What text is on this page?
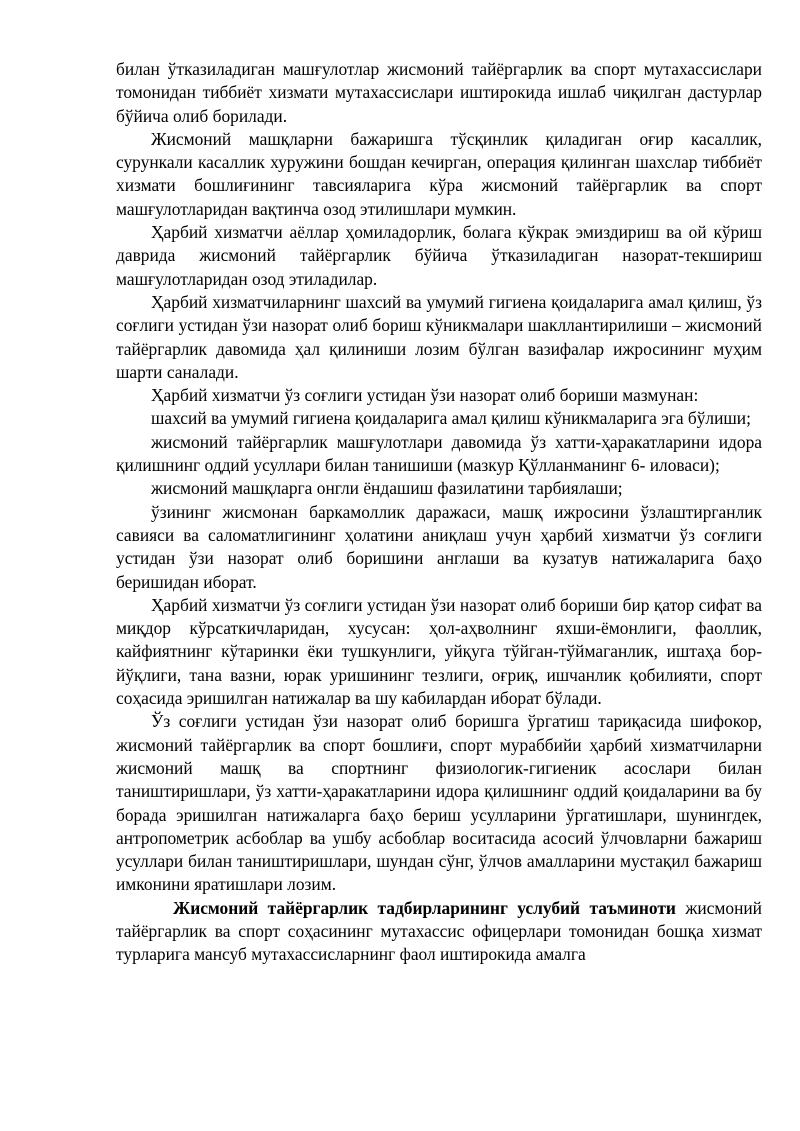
билан ўтказиладиган машғулотлар жисмоний тайёргарлик ва спорт мутахассислари томонидан тиббиёт хизмати мутахассислари иштирокида ишлаб чиқилган дастурлар бўйича олиб борилади.

Жисмоний машқларни бажаришга тўсқинлик қиладиган оғир касаллик, сурункали касаллик хуружини бошдан кечирган, операция қилинган шахслар тиббиёт хизмати бошлиғининг тавсияларига кўра жисмоний тайёргарлик ва спорт машғулотларидан вақтинча озод этилишлари мумкин.

Ҳарбий хизматчи аёллар ҳомиладорлик, болага кўкрак эмиздириш ва ой кўриш даврида жисмоний тайёргарлик бўйича ўтказиладиган назорат-текшириш машғулотларидан озод этиладилар.

Ҳарбий хизматчиларнинг шахсий ва умумий гигиена қоидаларига амал қилиш, ўз соғлиги устидан ўзи назорат олиб бориш кўникмалари шакллантирилиши – жисмоний тайёргарлик давомида ҳал қилиниши лозим бўлган вазифалар ижросининг муҳим шарти саналади.

Ҳарбий хизматчи ўз соғлиги устидан ўзи назорат олиб бориши мазмунан:

шахсий ва умумий гигиена қоидаларига амал қилиш кўникмаларига эга бўлиши;

жисмоний тайёргарлик машғулотлари давомида ўз хатти-ҳаракатларини идора қилишнинг оддий усуллари билан танишиши (мазкур Қўлланманинг 6- иловаси);

жисмоний машқларга онгли ёндашиш фазилатини тарбиялаши;

ўзининг жисмонан баркамоллик даражаси, машқ ижросини ўзлаштирганлик савияси ва саломатлигининг ҳолатини аниқлаш учун ҳарбий хизматчи ўз соғлиги устидан ўзи назорат олиб боришини англаши ва кузатув натижаларига баҳо беришидан иборат.

Ҳарбий хизматчи ўз соғлиги устидан ўзи назорат олиб бориши бир қатор сифат ва миқдор кўрсаткичларидан, хусусан: ҳол-аҳволнинг яхши-ёмонлиги, фаоллик, кайфиятнинг кўтаринки ёки тушкунлиги, уйқуга тўйган-тўймаганлик, иштаҳа бор-йўқлиги, тана вазни, юрак уришининг тезлиги, оғриқ, ишчанлик қобилияти, спорт соҳасида эришилган натижалар ва шу кабилардан иборат бўлади.

Ўз соғлиги устидан ўзи назорат олиб боришга ўргатиш тариқасида шифокор, жисмоний тайёргарлик ва спорт бошлиғи, спорт мураббийи ҳарбий хизматчиларни жисмоний машқ ва спортнинг физиологик-гигиеник асослари билан таништиришлари, ўз хатти-ҳаракатларини идора қилишнинг оддий қоидаларини ва бу борада эришилган натижаларга баҳо бериш усулларини ўргатишлари, шунингдек, антропометрик асбоблар ва ушбу асбоблар воситасида асосий ўлчовларни бажариш усуллари билан таништиришлари, шундан сўнг, ўлчов амалларини мустақил бажариш имконини яратишлари лозим.

Жисмоний тайёргарлик тадбирларининг услубий таъминоти жисмоний тайёргарлик ва спорт соҳасининг мутахассис офицерлари томонидан бошқа хизмат турларига мансуб мутахассисларнинг фаол иштирокида амалга
